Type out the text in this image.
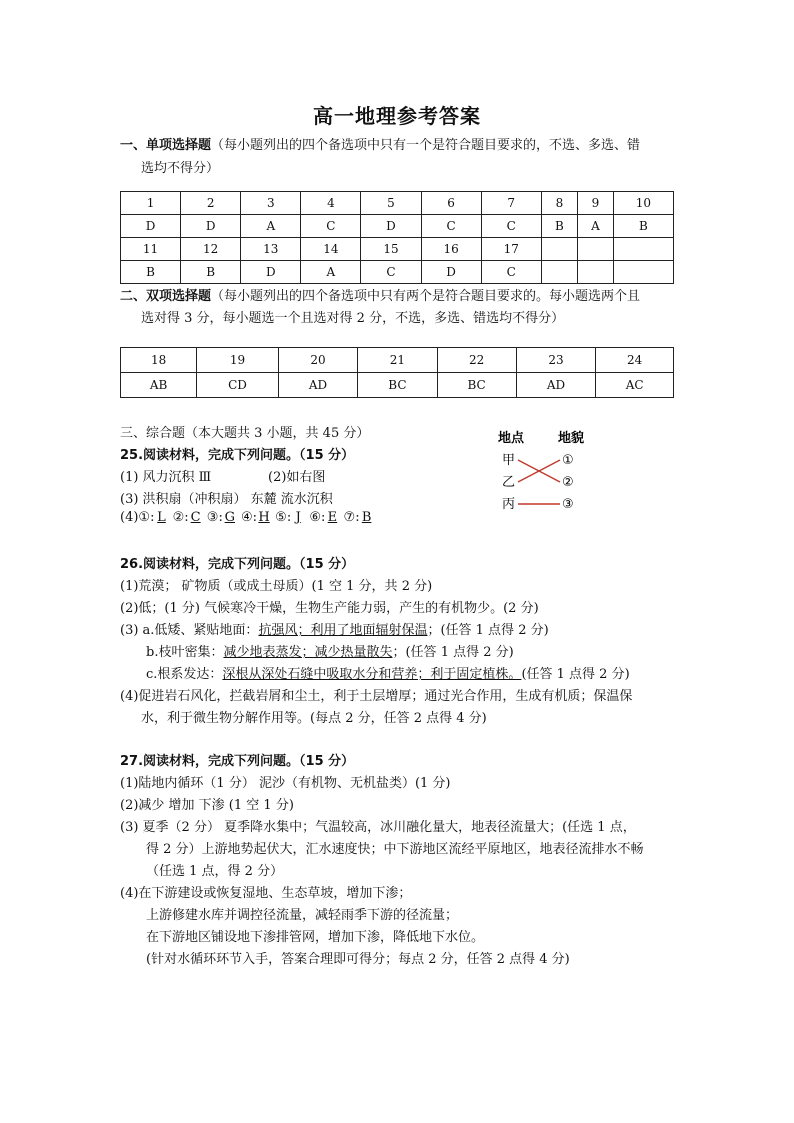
高一地理参考答案
一、单项选择题（每小题列出的四个备选项中只有一个是符合题目要求的，不选、多选、错
选均不得分）
1	2	3	4	5	6	7	8	9	10
D	D	A	C	D	C	C	B	A	B
11	12	13	14	15	16	17			
B	B	D	A	C	D	C			
二、双项选择题（每小题列出的四个备选项中只有两个是符合题目要求的。每小题选两个且
选对得 3 分，每小题选一个且选对得 2 分，不选，多选、错选均不得分）
18	19	20	21	22	23	24
AB	CD	AD	BC	BC	AD	AC
三、综合题（本大题共 3 小题，共 45 分）
25.阅读材料，完成下列问题。（15 分）
(1) 风力沉积 Ⅲ	(2)如右图
(3) 洪积扇（冲积扇） 东麓 流水沉积
(4)①: L ②: C ③: G ④:H ⑤: J ⑥: E ⑦: B
地点	地貌
甲
乙
丙
①
②
③
26.阅读材料，完成下列问题。（15 分）
(1)荒漠； 矿物质（或成土母质）(1 空 1 分，共 2 分)
(2)低；(1 分) 气候寒冷干燥，生物生产能力弱，产生的有机物少。(2 分)
(3) a.低矮、紧贴地面：抗强风；利用了地面辐射保温；(任答 1 点得 2 分)
b.枝叶密集：减少地表蒸发；减少热量散失；(任答 1 点得 2 分)
c.根系发达：深根从深处石缝中吸取水分和营养；利于固定植株。(任答 1 点得 2 分)
(4)促进岩石风化，拦截岩屑和尘土，利于土层增厚；通过光合作用，生成有机质；保温保
水，利于微生物分解作用等。(每点 2 分，任答 2 点得 4 分)
27.阅读材料，完成下列问题。（15 分）
(1)陆地内循环（1 分） 泥沙（有机物、无机盐类）(1 分)
(2)减少 增加 下渗 (1 空 1 分)
(3) 夏季（2 分） 夏季降水集中；气温较高，冰川融化量大，地表径流量大；(任选 1 点，
得 2 分）上游地势起伏大，汇水速度快；中下游地区流经平原地区，地表径流排水不畅
（任选 1 点，得 2 分）
(4)在下游建设或恢复湿地、生态草坡，增加下渗；
上游修建水库并调控径流量，减轻雨季下游的径流量；
在下游地区铺设地下渗排管网，增加下渗，降低地下水位。
(针对水循环环节入手，答案合理即可得分；每点 2 分，任答 2 点得 4 分)
